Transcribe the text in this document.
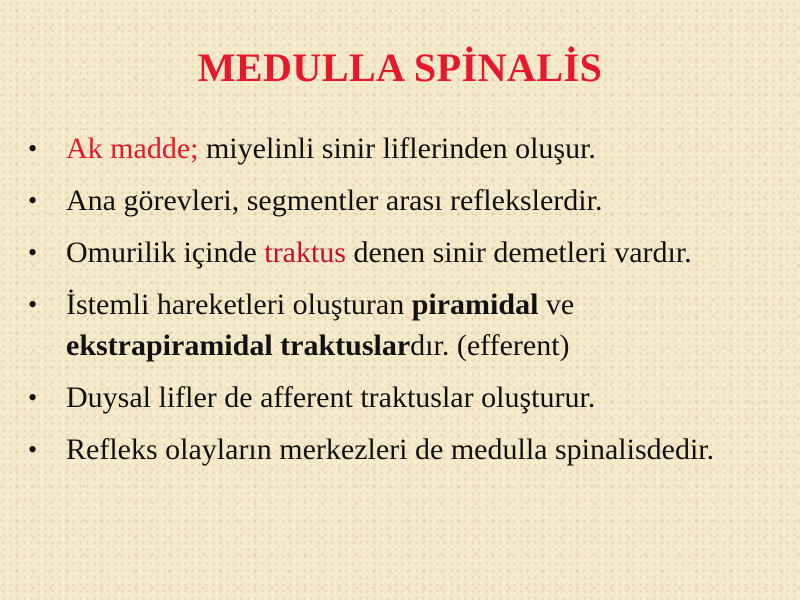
MEDULLA SPİNALİS
• Ak madde; miyelinli sinir liflerinden oluşur.
• Ana görevleri, segmentler arası reflekslerdir.
• Omurilik içinde traktus denen sinir demetleri vardır.
• İstemli hareketleri oluşturan piramidal ve ekstrapiramidal traktuslardır. (efferent)
• Duysal lifler de afferent traktuslar oluşturur.
• Refleks olayların merkezleri de medulla spinalisdedir.
